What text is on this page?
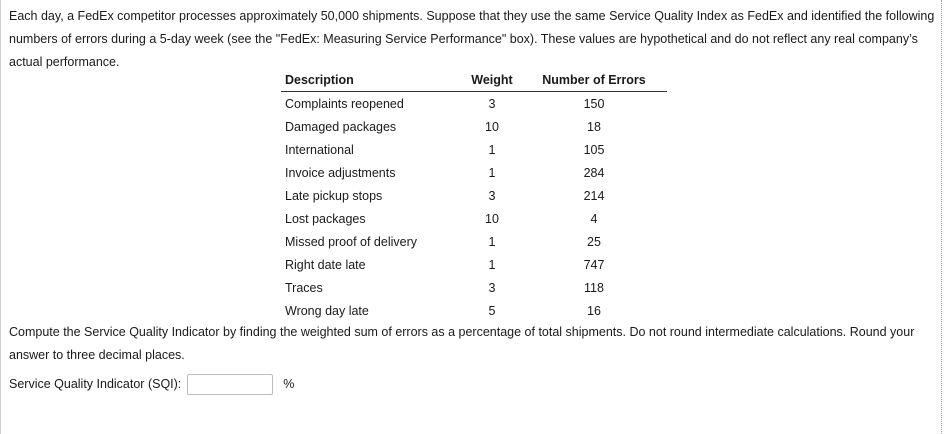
Each day, a FedEx competitor processes approximately 50,000 shipments. Suppose that they use the same Service Quality Index as FedEx and identified the following numbers of errors during a 5-day week (see the "FedEx: Measuring Service Performance" box). These values are hypothetical and do not reflect any real company’s actual performance.

Description	Weight	Number of Errors
Complaints reopened	3	150
Damaged packages	10	18
International	1	105
Invoice adjustments	1	284
Late pickup stops	3	214
Lost packages	10	4
Missed proof of delivery	1	25
Right date late	1	747
Traces	3	118
Wrong day late	5	16

Compute the Service Quality Indicator by finding the weighted sum of errors as a percentage of total shipments. Do not round intermediate calculations. Round your answer to three decimal places.

Service Quality Indicator (SQI):	%
